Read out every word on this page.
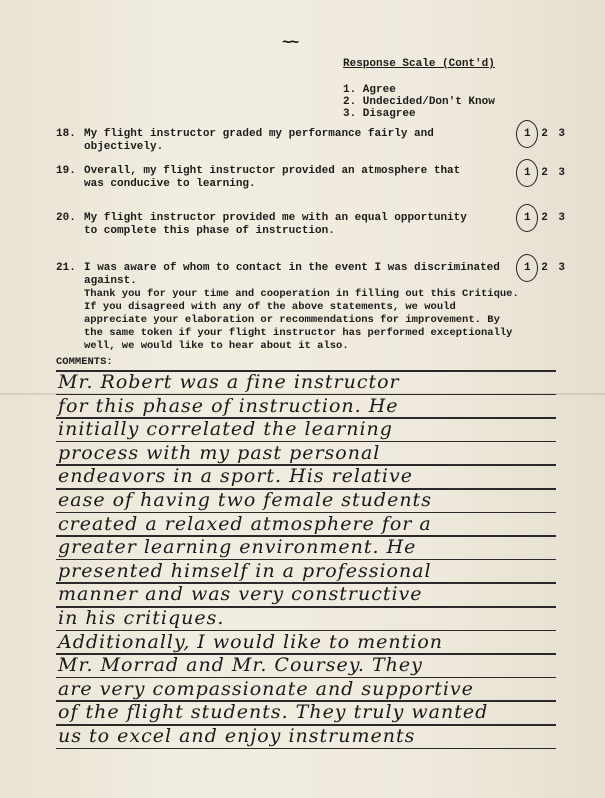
~~
Response Scale (Cont'd)
1. Agree
2. Undecided/Don't Know
3. Disagree
18. My flight instructor graded my performance fairly and objectively.
1 2 3
19. Overall, my flight instructor provided an atmosphere that was conducive to learning.
1 2 3
20. My flight instructor provided me with an equal opportunity to complete this phase of instruction.
1 2 3
21. I was aware of whom to contact in the event I was discriminated against.
1 2 3
Thank you for your time and cooperation in filling out this Critique. If you disagreed with any of the above statements, we would appreciate your elaboration or recommendations for improvement. By the same token if your flight instructor has performed exceptionally well, we would like to hear about it also.
COMMENTS:
Mr. Robert was a fine instructor
for this phase of instruction. He
initially correlated the learning
process with my past personal
endeavors in a sport. His relative
ease of having two female students
created a relaxed atmosphere for a
greater learning environment. He
presented himself in a professional
manner and was very constructive
in his critiques.
Additionally, I would like to mention
Mr. Morrad and Mr. Coursey. They
are very compassionate and supportive
of the flight students. They truly wanted
us to excel and enjoy instruments
